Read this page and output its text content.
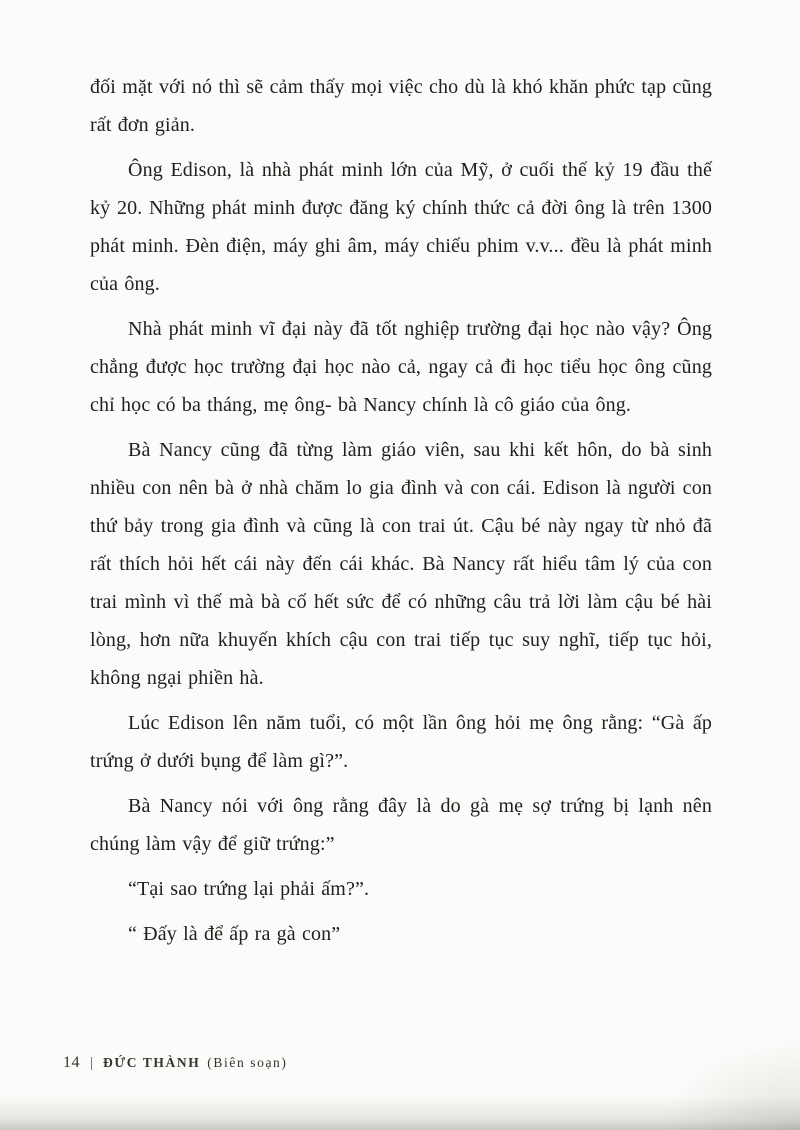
đối mặt với nó thì sẽ cảm thấy mọi việc cho dù là khó khăn phức tạp cũng rất đơn giản.

Ông Edison, là nhà phát minh lớn của Mỹ, ở cuối thế kỷ 19 đầu thế kỷ 20. Những phát minh được đăng ký chính thức cả đời ông là trên 1300 phát minh. Đèn điện, máy ghi âm, máy chiếu phim v.v... đều là phát minh của ông.

Nhà phát minh vĩ đại này đã tốt nghiệp trường đại học nào vậy? Ông chẳng được học trường đại học nào cả, ngay cả đi học tiểu học ông cũng chỉ học có ba tháng, mẹ ông- bà Nancy chính là cô giáo của ông.

Bà Nancy cũng đã từng làm giáo viên, sau khi kết hôn, do bà sinh nhiều con nên bà ở nhà chăm lo gia đình và con cái. Edison là người con thứ bảy trong gia đình và cũng là con trai út. Cậu bé này ngay từ nhỏ đã rất thích hỏi hết cái này đến cái khác. Bà Nancy rất hiểu tâm lý của con trai mình vì thế mà bà cố hết sức để có những câu trả lời làm cậu bé hài lòng, hơn nữa khuyến khích cậu con trai tiếp tục suy nghĩ, tiếp tục hỏi, không ngại phiền hà.

Lúc Edison lên năm tuổi, có một lần ông hỏi mẹ ông rằng: “Gà ấp trứng ở dưới bụng để làm gì?”.

Bà Nancy nói với ông rằng đây là do gà mẹ sợ trứng bị lạnh nên chúng làm vậy để giữ trứng:”

“Tại sao trứng lại phải ấm?”.

“ Đấy là để ấp ra gà con”

14 | ĐỨC THÀNH (Biên soạn)
